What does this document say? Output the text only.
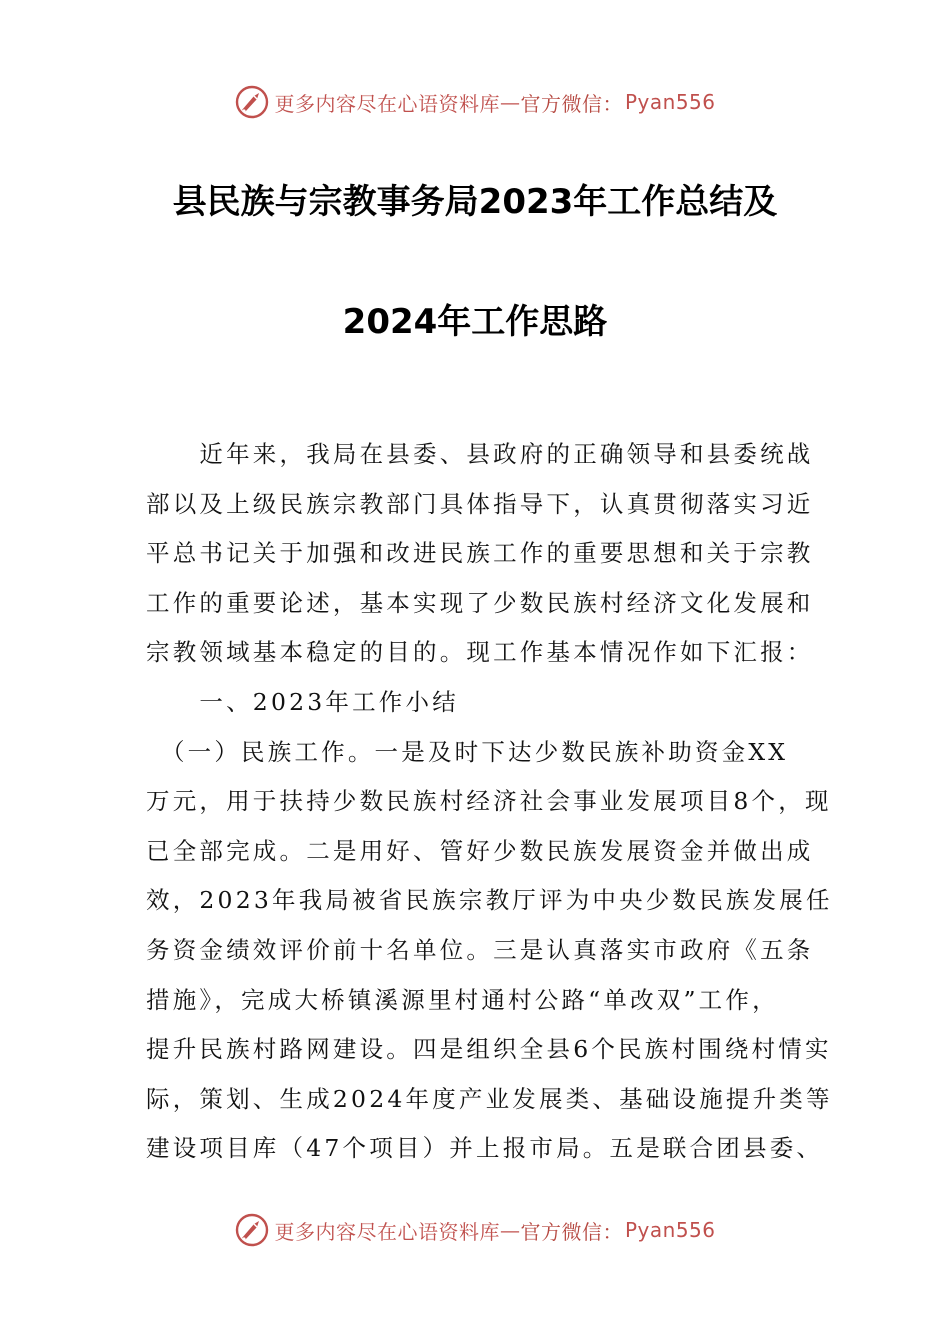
更多内容尽在心语资料库 — 官方微信： Pyan556
县民族与宗教事务局2023年工作总结及
2024年工作思路
　　近年来，我局在县委、县政府的正确领导和县委统战
部以及上级民族宗教部门具体指导下，认真贯彻落实习近
平总书记关于加强和改进民族工作的重要思想和关于宗教
工作的重要论述，基本实现了少数民族村经济文化发展和
宗教领域基本稳定的目的。现工作基本情况作如下汇报：
　　一、2023年工作小结
　（一）民族工作。一是及时下达少数民族补助资金XX
万元，用于扶持少数民族村经济社会事业发展项目8个，现
已全部完成。二是用好、管好少数民族发展资金并做出成
效，2023年我局被省民族宗教厅评为中央少数民族发展任
务资金绩效评价前十名单位。三是认真落实市政府《五条
措施》，完成大桥镇溪源里村通村公路“单改双”工作，
提升民族村路网建设。四是组织全县6个民族村围绕村情实
际，策划、生成2024年度产业发展类、基础设施提升类等
建设项目库（47个项目）并上报市局。五是联合团县委、
更多内容尽在心语资料库 — 官方微信： Pyan556
